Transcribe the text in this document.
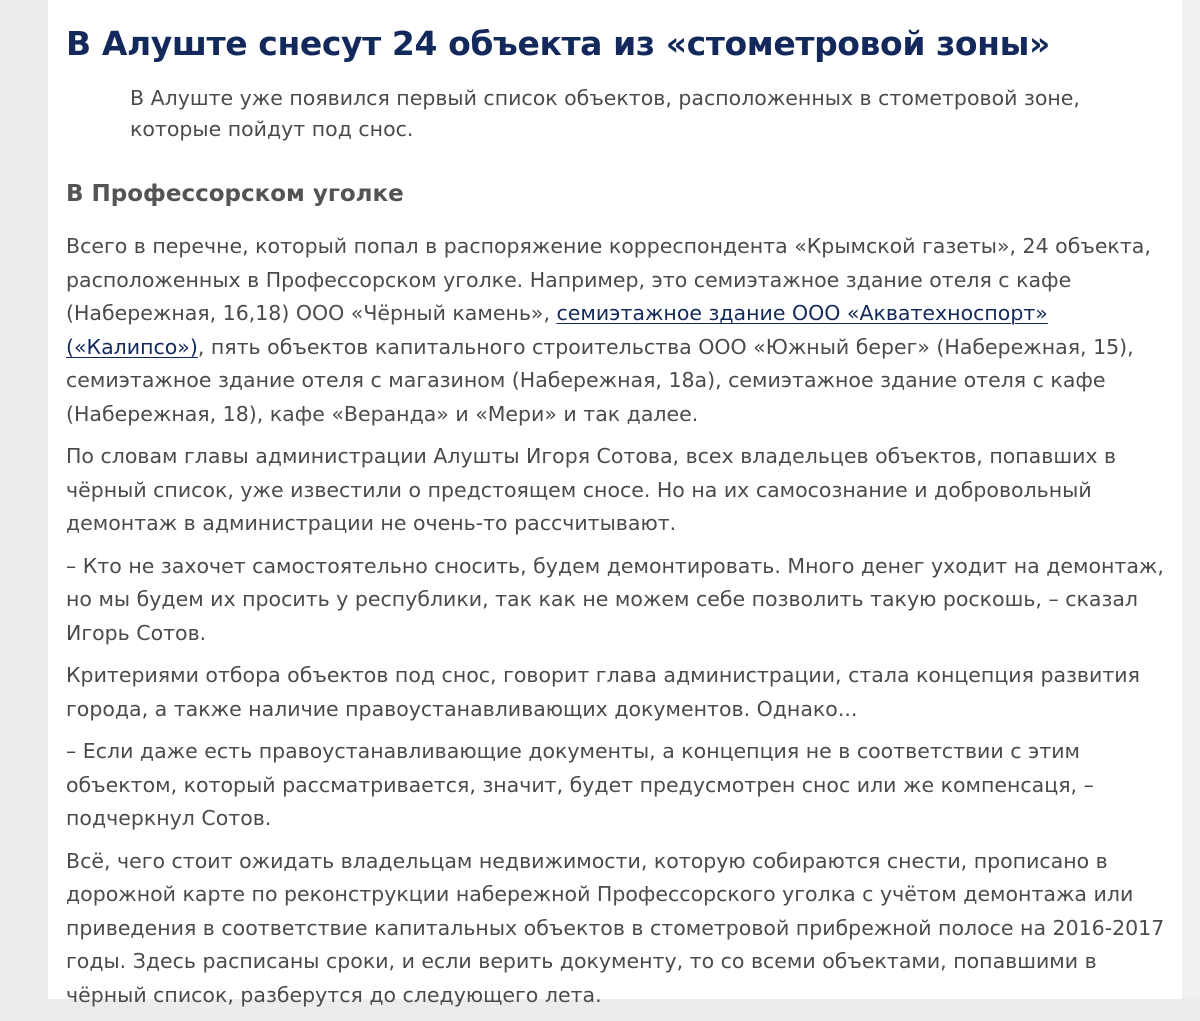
В Алуште снесут 24 объекта из «стометровой зоны»

В Алуште уже появился первый список объектов, расположенных в стометровой зоне, которые пойдут под снос.

В Профессорском уголке

Всего в перечне, который попал в распоряжение корреспондента «Крымской газеты», 24 объекта, расположенных в Профессорском уголке. Например, это семиэтажное здание отеля с кафе (Набережная, 16,18) ООО «Чёрный камень», семиэтажное здание ООО «Акватехноспорт» («Калипсо»), пять объектов капитального строительства ООО «Южный берег» (Набережная, 15), семиэтажное здание отеля с магазином (Набережная, 18а), семиэтажное здание отеля с кафе (Набережная, 18), кафе «Веранда» и «Мери» и так далее.

По словам главы администрации Алушты Игоря Сотова, всех владельцев объектов, попавших в чёрный список, уже известили о предстоящем сносе. Но на их самосознание и добровольный демонтаж в администрации не очень-то рассчитывают.

– Кто не захочет самостоятельно сносить, будем демонтировать. Много денег уходит на демонтаж, но мы будем их просить у республики, так как не можем себе позволить такую роскошь, – сказал Игорь Сотов.

Критериями отбора объектов под снос, говорит глава администрации, стала концепция развития города, а также наличие правоустанавливающих документов. Однако...

– Если даже есть правоустанавливающие документы, а концепция не в соответствии с этим объектом, который рассматривается, значит, будет предусмотрен снос или же компенсаця, – подчеркнул Сотов.

Всё, чего стоит ожидать владельцам недвижимости, которую собираются снести, прописано в дорожной карте по реконструкции набережной Профессорского уголка с учётом демонтажа или приведения в соответствие капитальных объектов в стометровой прибрежной полосе на 2016-2017 годы. Здесь расписаны сроки, и если верить документу, то со всеми объектами, попавшими в чёрный список, разберутся до следующего лета.
